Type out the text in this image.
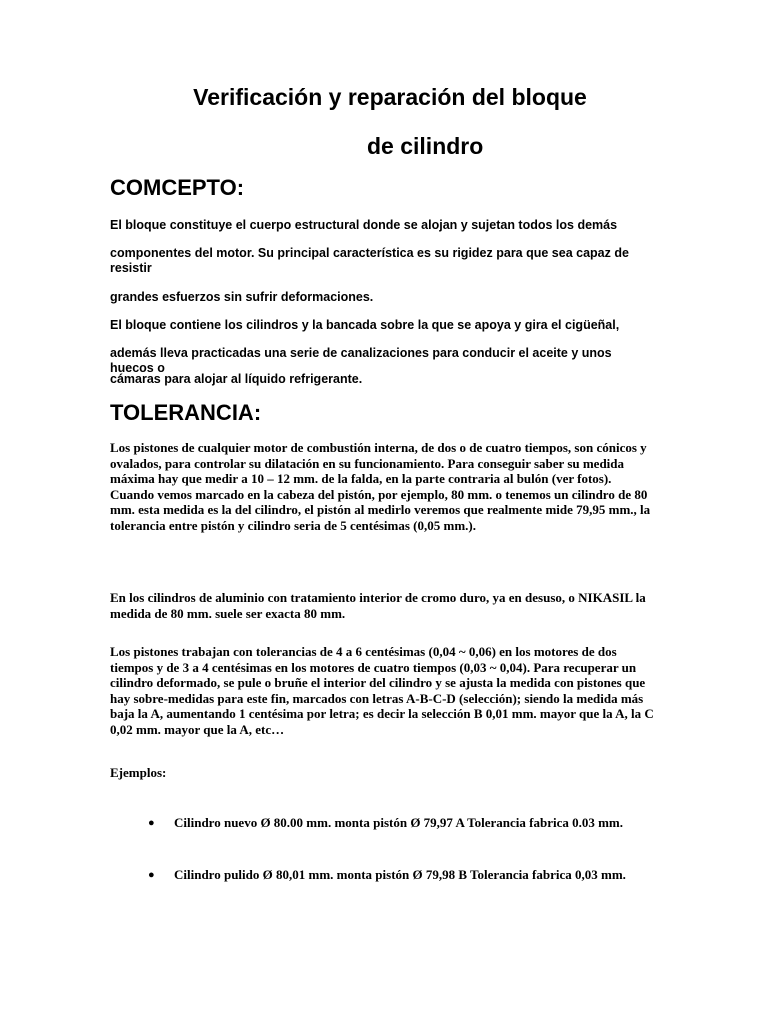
Verificación y reparación del bloque
de cilindro
COMCEPTO:
El bloque constituye el cuerpo estructural donde se alojan y sujetan todos los demás
componentes del motor. Su principal característica es su rigidez para que sea capaz de resistir
grandes esfuerzos sin sufrir deformaciones.
El bloque contiene los cilindros y la bancada sobre la que se apoya y gira el cigüeñal,
además lleva practicadas una serie de canalizaciones para conducir el aceite y unos huecos o
cámaras para alojar al líquido refrigerante.
TOLERANCIA:
Los pistones de cualquier motor de combustión interna, de dos o de cuatro tiempos, son cónicos y ovalados, para controlar su dilatación en su funcionamiento. Para conseguir saber su medida máxima hay que medir a 10 – 12 mm. de la falda, en la parte contraria al bulón (ver fotos).
Cuando vemos marcado en la cabeza del pistón, por ejemplo, 80 mm. o tenemos un cilindro de 80 mm. esta medida es la del cilindro, el pistón al medirlo veremos que realmente mide 79,95 mm., la tolerancia entre pistón y cilindro seria de 5 centésimas (0,05 mm.).
En los cilindros de aluminio con tratamiento interior de cromo duro, ya en desuso, o NIKASIL la medida de 80 mm. suele ser exacta 80 mm.
Los pistones trabajan con tolerancias de 4 a 6 centésimas (0,04 ~ 0,06) en los motores de dos tiempos y de 3 a 4 centésimas en los motores de cuatro tiempos (0,03 ~ 0,04). Para recuperar un cilindro deformado, se pule o bruñe el interior del cilindro y se ajusta la medida con pistones que hay sobre-medidas para este fin, marcados con letras A-B-C-D (selección); siendo la medida más baja la A, aumentando 1 centésima por letra; es decir la selección B 0,01 mm. mayor que la A, la C 0,02 mm. mayor que la A, etc…
Ejemplos:
● Cilindro nuevo Ø 80.00 mm. monta pistón Ø 79,97 A Tolerancia fabrica 0.03 mm.
● Cilindro pulido Ø 80,01 mm. monta pistón Ø 79,98 B Tolerancia fabrica 0,03 mm.
